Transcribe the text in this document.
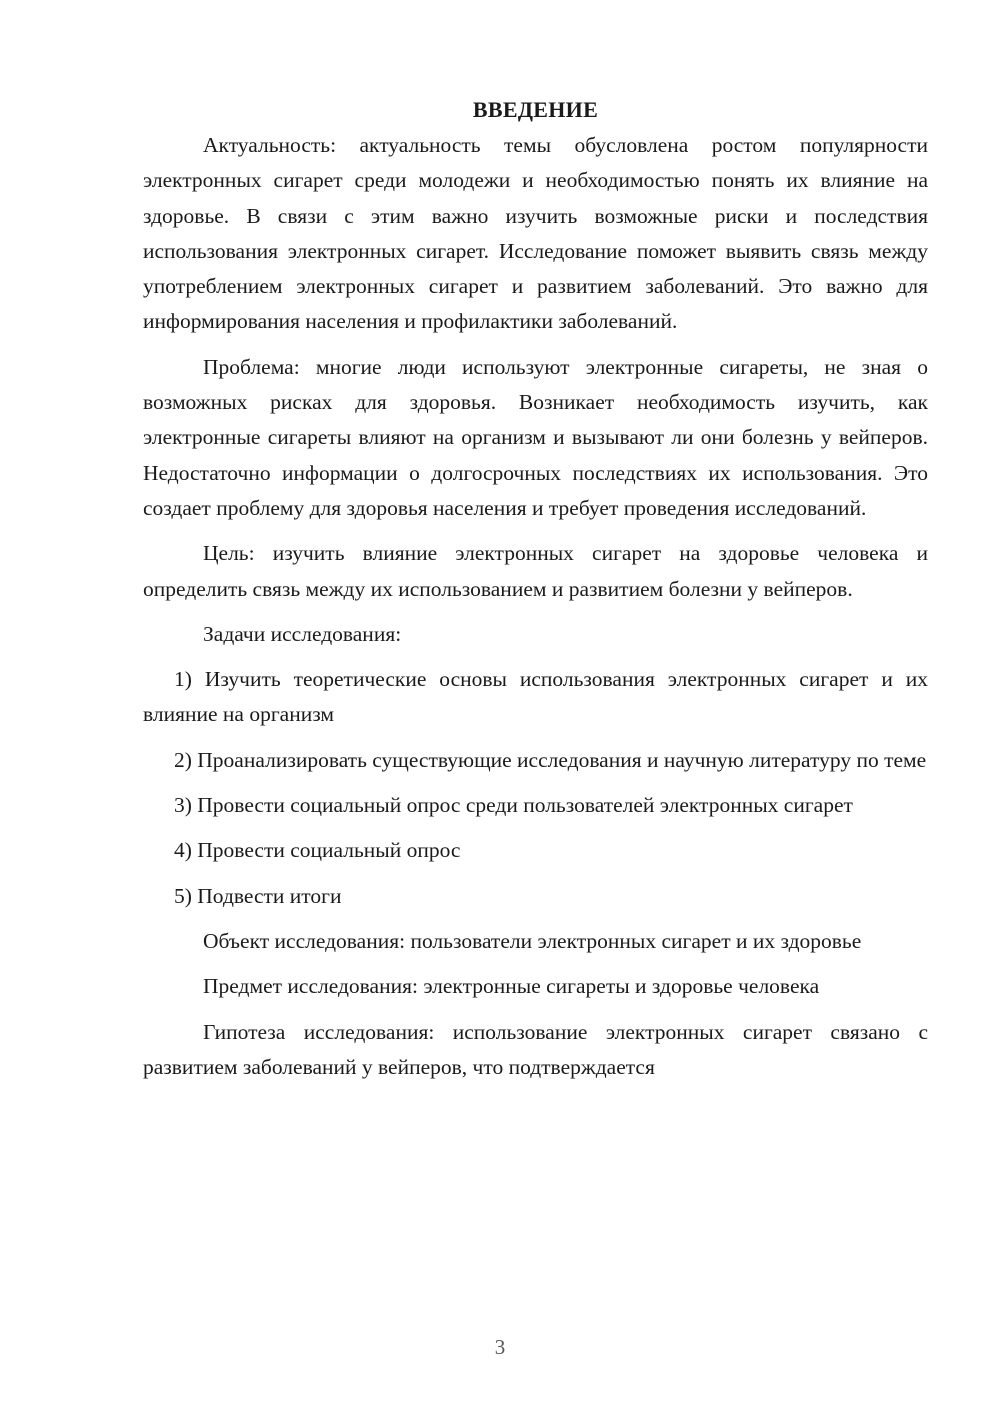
ВВЕДЕНИЕ

Актуальность: актуальность темы обусловлена ростом популярности электронных сигарет среди молодежи и необходимостью понять их влияние на здоровье. В связи с этим важно изучить возможные риски и последствия использования электронных сигарет. Исследование поможет выявить связь между употреблением электронных сигарет и развитием заболеваний. Это важно для информирования населения и профилактики заболеваний.

Проблема: многие люди используют электронные сигареты, не зная о возможных рисках для здоровья. Возникает необходимость изучить, как электронные сигареты влияют на организм и вызывают ли они болезнь у вейперов. Недостаточно информации о долгосрочных последствиях их использования. Это создает проблему для здоровья населения и требует проведения исследований.

Цель: изучить влияние электронных сигарет на здоровье человека и определить связь между их использованием и развитием болезни у вейперов.

Задачи исследования:

1) Изучить теоретические основы использования электронных сигарет и их влияние на организм

2) Проанализировать существующие исследования и научную литературу по теме

3) Провести социальный опрос среди пользователей электронных сигарет

4) Провести социальный опрос

5) Подвести итоги

Объект исследования: пользователи электронных сигарет и их здоровье

Предмет исследования: электронные сигареты и здоровье человека

Гипотеза исследования: использование электронных сигарет связано с развитием заболеваний у вейперов, что подтверждается

3
